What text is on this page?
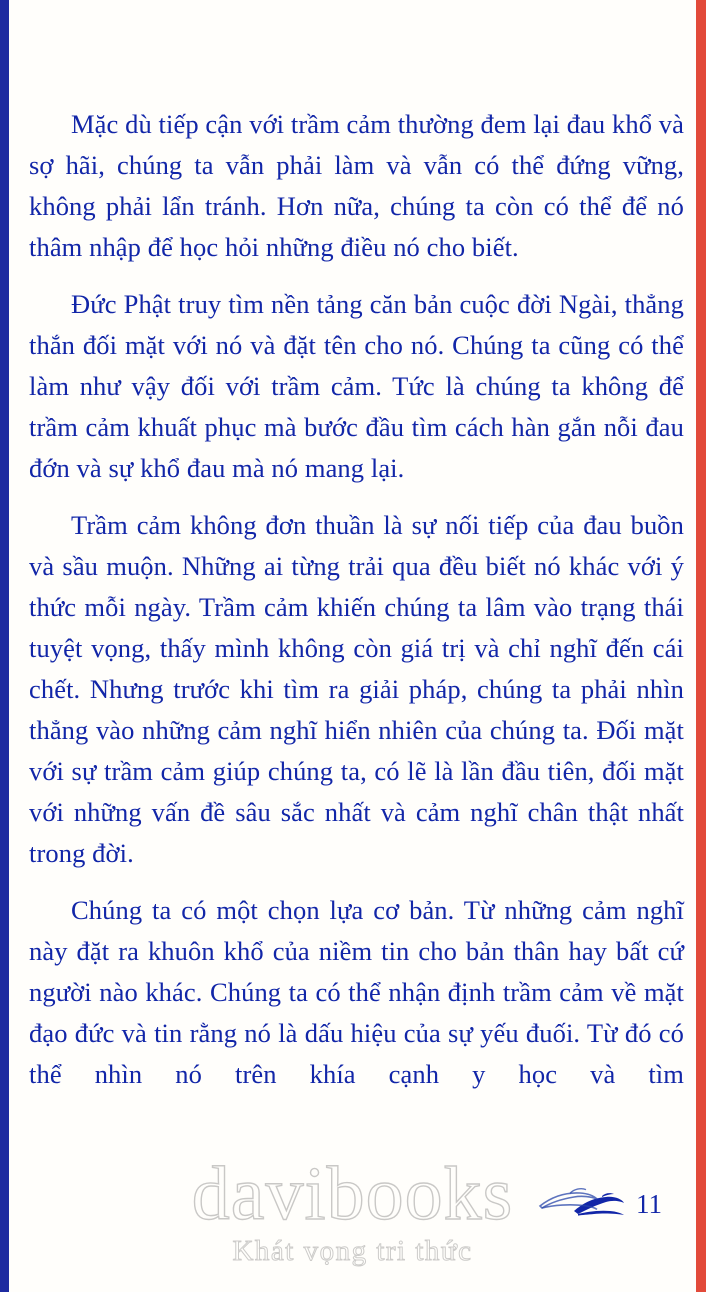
Mặc dù tiếp cận với trầm cảm thường đem lại đau khổ và sợ hãi, chúng ta vẫn phải làm và vẫn có thể đứng vững, không phải lẩn tránh. Hơn nữa, chúng ta còn có thể để nó thâm nhập để học hỏi những điều nó cho biết.

Đức Phật truy tìm nền tảng căn bản cuộc đời Ngài, thẳng thắn đối mặt với nó và đặt tên cho nó. Chúng ta cũng có thể làm như vậy đối với trầm cảm. Tức là chúng ta không để trầm cảm khuất phục mà bước đầu tìm cách hàn gắn nỗi đau đớn và sự khổ đau mà nó mang lại.

Trầm cảm không đơn thuần là sự nối tiếp của đau buồn và sầu muộn. Những ai từng trải qua đều biết nó khác với ý thức mỗi ngày. Trầm cảm khiến chúng ta lâm vào trạng thái tuyệt vọng, thấy mình không còn giá trị và chỉ nghĩ đến cái chết. Nhưng trước khi tìm ra giải pháp, chúng ta phải nhìn thẳng vào những cảm nghĩ hiển nhiên của chúng ta. Đối mặt với sự trầm cảm giúp chúng ta, có lẽ là lần đầu tiên, đối mặt với những vấn đề sâu sắc nhất và cảm nghĩ chân thật nhất trong đời.

Chúng ta có một chọn lựa cơ bản. Từ những cảm nghĩ này đặt ra khuôn khổ của niềm tin cho bản thân hay bất cứ người nào khác. Chúng ta có thể nhận định trầm cảm về mặt đạo đức và tin rằng nó là dấu hiệu của sự yếu đuối. Từ đó có thể nhìn nó trên khía cạnh y học và tìm

11
davibooks
Khát vọng tri thức
